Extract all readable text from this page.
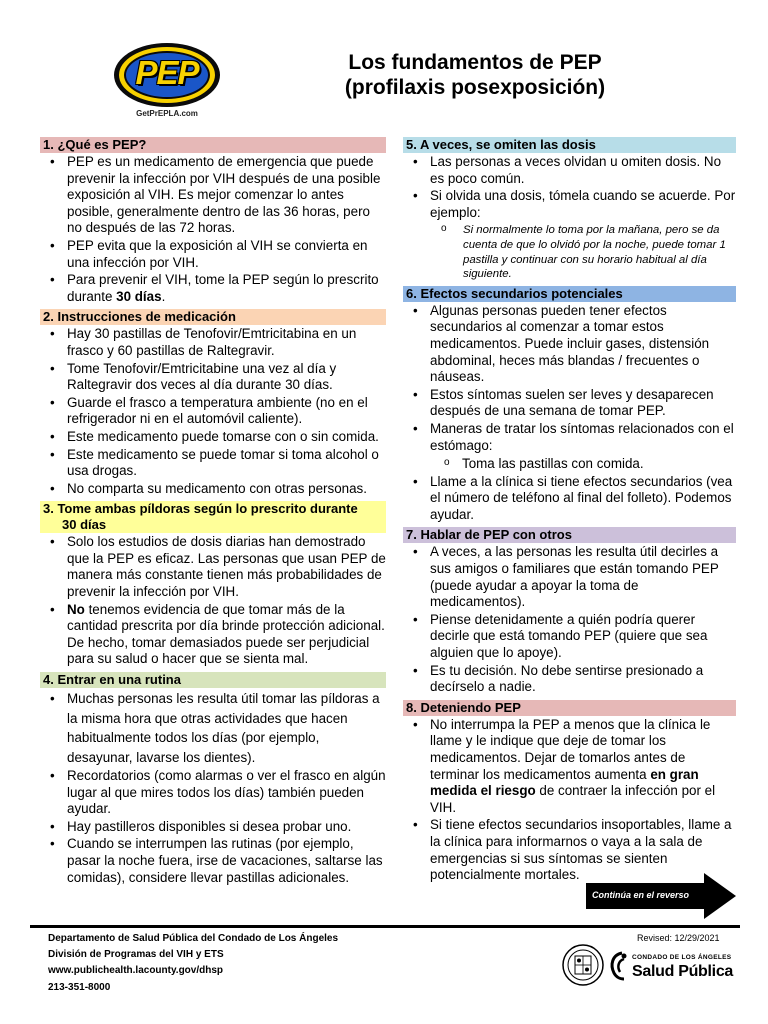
PEP
GetPrEPLA.com
Los fundamentos de PEP
(profilaxis posexposición)
1. ¿Qué es PEP?
• PEP es un medicamento de emergencia que puede prevenir la infección por VIH después de una posible exposición al VIH. Es mejor comenzar lo antes posible, generalmente dentro de las 36 horas, pero no después de las 72 horas.
• PEP evita que la exposición al VIH se convierta en una infección por VIH.
• Para prevenir el VIH, tome la PEP según lo prescrito durante 30 días.
2. Instrucciones de medicación
• Hay 30 pastillas de Tenofovir/Emtricitabina en un frasco y 60 pastillas de Raltegravir.
• Tome Tenofovir/Emtricitabine una vez al día y Raltegravir dos veces al día durante 30 días.
• Guarde el frasco a temperatura ambiente (no en el refrigerador ni en el automóvil caliente).
• Este medicamento puede tomarse con o sin comida.
• Este medicamento se puede tomar si toma alcohol o usa drogas.
• No comparta su medicamento con otras personas.
3. Tome ambas píldoras según lo prescrito durante
30 días
• Solo los estudios de dosis diarias han demostrado que la PEP es eficaz. Las personas que usan PEP de manera más constante tienen más probabilidades de prevenir la infección por VIH.
• No tenemos evidencia de que tomar más de la cantidad prescrita por día brinde protección adicional. De hecho, tomar demasiados puede ser perjudicial para su salud o hacer que se sienta mal.
4. Entrar en una rutina
• Muchas personas les resulta útil tomar las píldoras a la misma hora que otras actividades que hacen habitualmente todos los días (por ejemplo, desayunar, lavarse los dientes).
• Recordatorios (como alarmas o ver el frasco en algún lugar al que mires todos los días) también pueden ayudar.
• Hay pastilleros disponibles si desea probar uno.
• Cuando se interrumpen las rutinas (por ejemplo, pasar la noche fuera, irse de vacaciones, saltarse las comidas), considere llevar pastillas adicionales.
5. A veces, se omiten las dosis
• Las personas a veces olvidan u omiten dosis. No es poco común.
• Si olvida una dosis, tómela cuando se acuerde. Por ejemplo:
o Si normalmente lo toma por la mañana, pero se da cuenta de que lo olvidó por la noche, puede tomar 1 pastilla y continuar con su horario habitual al día siguiente.
6. Efectos secundarios potenciales
• Algunas personas pueden tener efectos secundarios al comenzar a tomar estos medicamentos. Puede incluir gases, distensión abdominal, heces más blandas / frecuentes o náuseas.
• Estos síntomas suelen ser leves y desaparecen después de una semana de tomar PEP.
• Maneras de tratar los síntomas relacionados con el estómago:
o Toma las pastillas con comida.
• Llame a la clínica si tiene efectos secundarios (vea el número de teléfono al final del folleto). Podemos ayudar.
7. Hablar de PEP con otros
• A veces, a las personas les resulta útil decirles a sus amigos o familiares que están tomando PEP (puede ayudar a apoyar la toma de medicamentos).
• Piense detenidamente a quién podría querer decirle que está tomando PEP (quiere que sea alguien que lo apoye).
• Es tu decisión. No debe sentirse presionado a decírselo a nadie.
8. Deteniendo PEP
• No interrumpa la PEP a menos que la clínica le llame y le indique que deje de tomar los medicamentos. Dejar de tomarlos antes de terminar los medicamentos aumenta en gran medida el riesgo de contraer la infección por el VIH.
• Si tiene efectos secundarios insoportables, llame a la clínica para informarnos o vaya a la sala de emergencias si sus síntomas se sienten potencialmente mortales.
Continúa en el reverso
Departamento de Salud Pública del Condado de Los Ángeles
División de Programas del VIH y ETS
www.publichealth.lacounty.gov/dhsp
213-351-8000
Revised: 12/29/2021
CONDADO DE LOS ÁNGELES
Salud Pública
